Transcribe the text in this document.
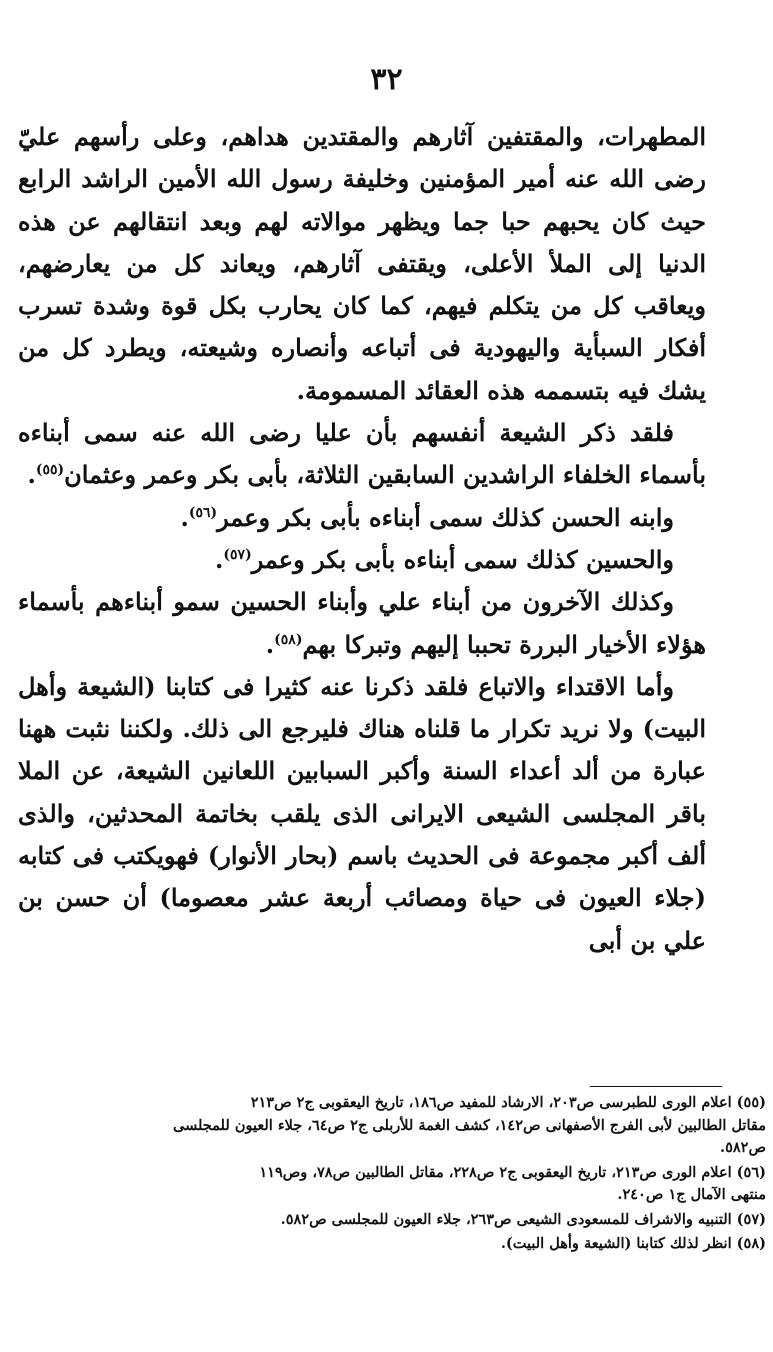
٣٢

المطهرات، والمقتفين آثارهم والمقتدين هداهم، وعلى رأسهم عليّ رضى الله عنه أمير المؤمنين وخليفة رسول الله الأمين الراشد الرابع حيث كان يحبهم حبا جما ويظهر موالاته لهم وبعد انتقالهم عن هذه الدنيا إلى الملأ الأعلى، ويقتفى آثارهم، ويعاند كل من يعارضهم، ويعاقب كل من يتكلم فيهم، كما كان يحارب بكل قوة وشدة تسرب أفكار السبأية واليهودية فى أتباعه وأنصاره وشيعته، ويطرد كل من يشك فيه بتسممه هذه العقائد المسمومة.

فلقد ذكر الشيعة أنفسهم بأن عليا رضى الله عنه سمى أبناءه بأسماء الخلفاء الراشدين السابقين الثلاثة، بأبى بكر وعمر وعثمان$^{(٥٥)}$.

وابنه الحسن كذلك سمى أبناءه بأبى بكر وعمر$^{(٥٦)}$.

والحسين كذلك سمى أبناءه بأبى بكر وعمر$^{(٥٧)}$.

وكذلك الآخرون من أبناء علي وأبناء الحسين سمو أبناءهم بأسماء هؤلاء الأخيار البررة تحببا إليهم وتبركا بهم$^{(٥٨)}$.

وأما الاقتداء والاتباع فلقد ذكرنا عنه كثيرا فى كتابنا (الشيعة وأهل البيت) ولا نريد تكرار ما قلناه هناك فليرجع الى ذلك. ولكننا نثبت ههنا عبارة من ألد أعداء السنة وأكبر السبابين اللعانين الشيعة، عن الملا باقر المجلسى الشيعى الايرانى الذى يلقب بخاتمة المحدثين، والذى ألف أكبر مجموعة فى الحديث باسم (بحار الأنوار) فهويكتب فى كتابه (جلاء العيون فى حياة ومصائب أربعة عشر معصوما) أن حسن بن علي بن أبى

(٥٥) اعلام الورى للطبرسى ص٢٠٣، الارشاد للمفيد ص١٨٦، تاريخ اليعقوبى ج٢ ص٢١٣
مقاتل الطالبين لأبى الفرج الأصفهانى ص١٤٢، كشف الغمة للأربلى ج٢ ص٦٤، جلاء العيون للمجلسى
ص٥٨٢.

(٥٦) اعلام الورى ص٢١٣، تاريخ اليعقوبى ج٢ ص٢٢٨، مقاتل الطالبين ص٧٨، وص١١٩
منتهى الآمال ج١ ص٢٤٠.

(٥٧) التنبيه والاشراف للمسعودى الشيعى ص٢٦٣، جلاء العيون للمجلسى ص٥٨٢.

(٥٨) انظر لذلك كتابنا (الشيعة وأهل البيت).
